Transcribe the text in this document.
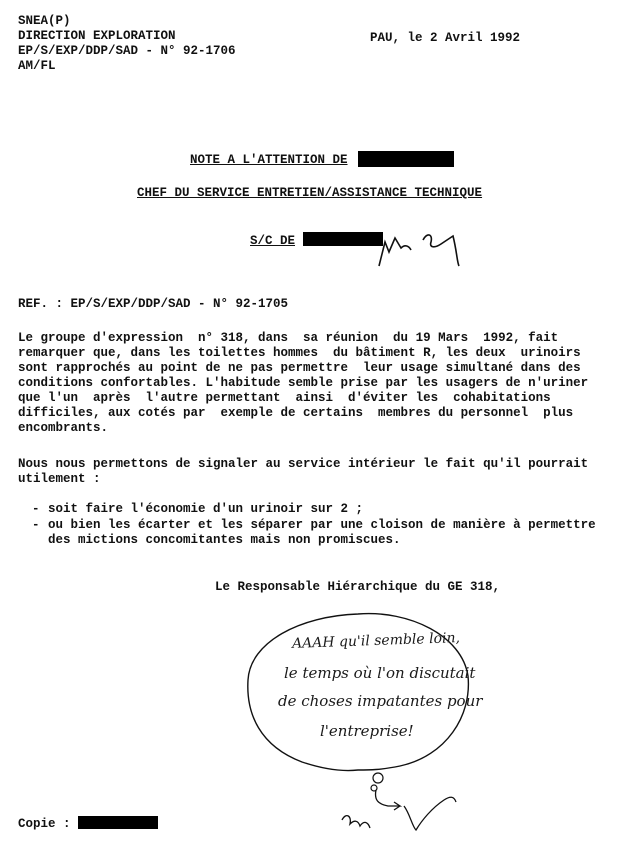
SNEA(P)
DIRECTION EXPLORATION
EP/S/EXP/DDP/SAD - N° 92-1706
AM/FL
PAU, le 2 Avril 1992
NOTE A L'ATTENTION DE
CHEF DU SERVICE ENTRETIEN/ASSISTANCE TECHNIQUE
S/C DE
REF. : EP/S/EXP/DDP/SAD - N° 92-1705
Le groupe d'expression  n° 318, dans  sa réunion  du 19 Mars  1992, fait
remarquer que, dans les toilettes hommes  du bâtiment R, les deux  urinoirs
sont rapprochés au point de ne pas permettre  leur usage simultané dans des
conditions confortables. L'habitude semble prise par les usagers de n'uriner
que l'un  après  l'autre permettant  ainsi  d'éviter les  cohabitations
difficiles, aux cotés par  exemple de certains  membres du personnel  plus
encombrants.
Nous nous permettons de signaler au service intérieur le fait qu'il pourrait
utilement :
- soit faire l'économie d'un urinoir sur 2 ;
- ou bien les écarter et les séparer par une cloison de manière à permettre
des mictions concomitantes mais non promiscues.
Le Responsable Hiérarchique du GE 318,
AAAH qu'il semble loin,
le temps où l'on discutait
de choses impatantes pour
l'entreprise!
Copie :
